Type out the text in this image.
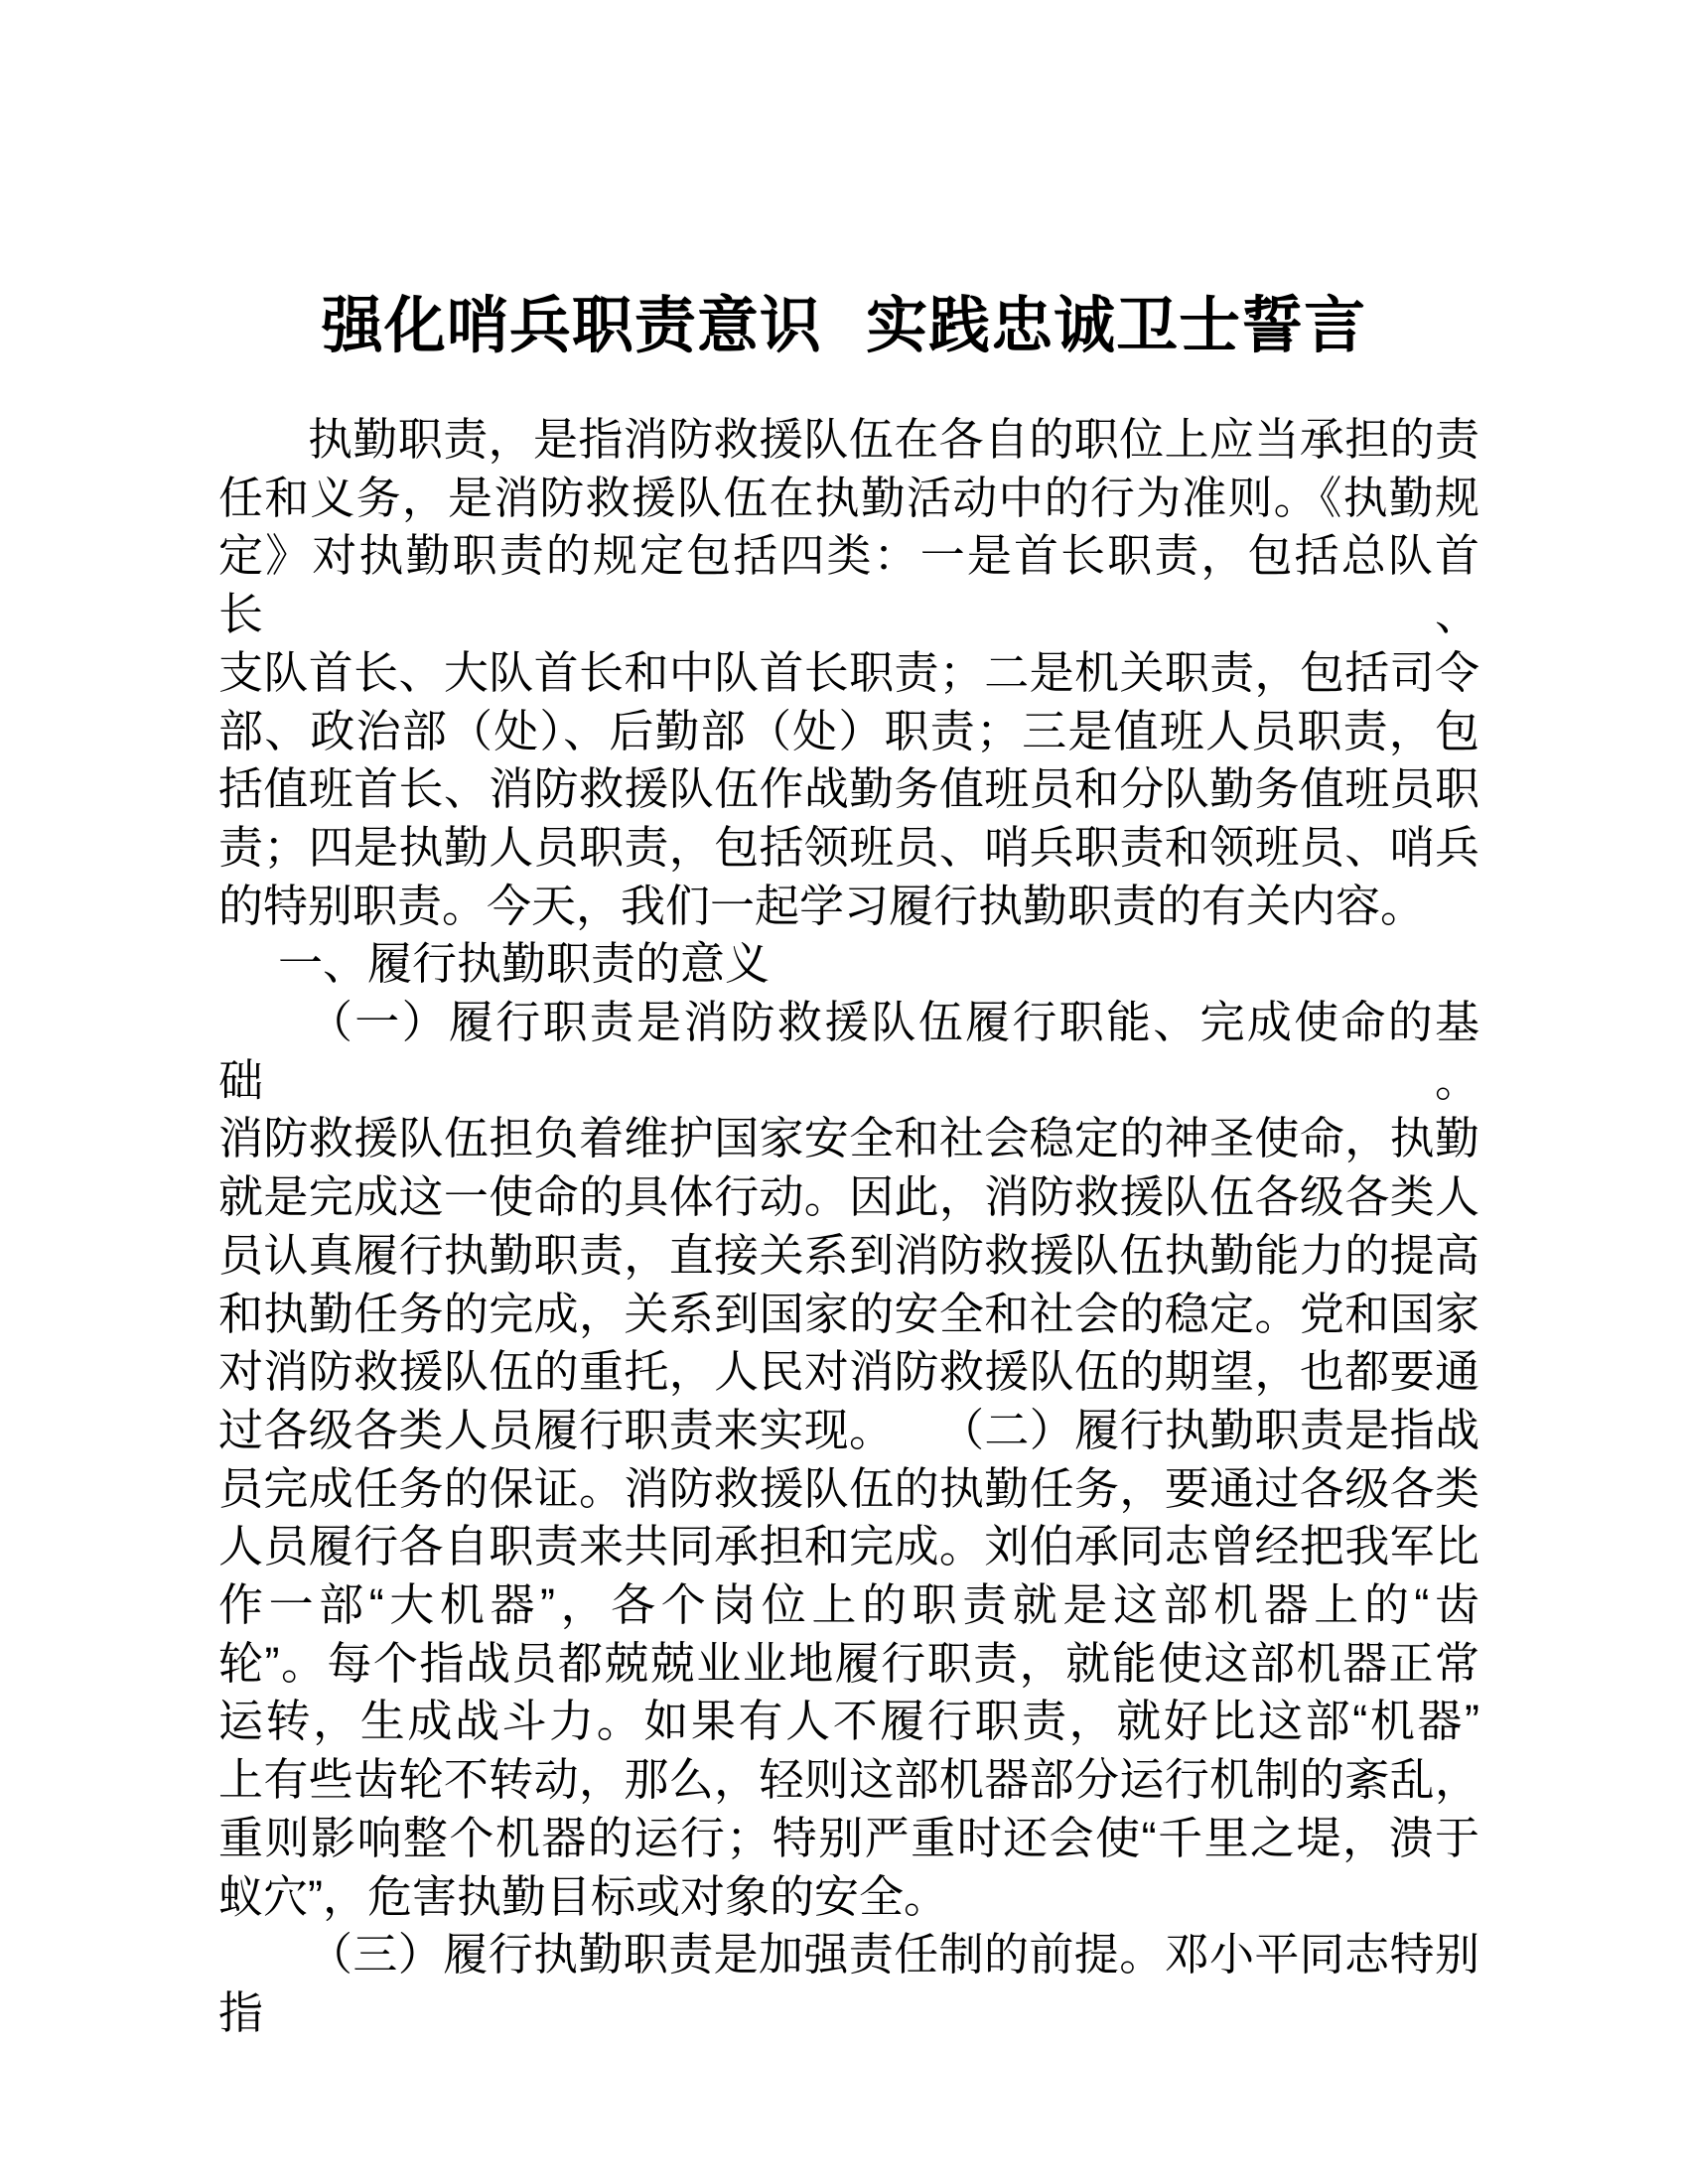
强化哨兵职责意识 实践忠诚卫士誓言
执勤职责，是指消防救援队伍在各自的职位上应当承担的责
任和义务，是消防救援队伍在执勤活动中的行为准则。《执勤规
定》对执勤职责的规定包括四类：一是首长职责，包括总队首长、
支队首长、大队首长和中队首长职责；二是机关职责，包括司令
部、政治部（处）、后勤部（处）职责；三是值班人员职责，包
括值班首长、消防救援队伍作战勤务值班员和分队勤务值班员职
责；四是执勤人员职责，包括领班员、哨兵职责和领班员、哨兵
的特别职责。今天，我们一起学习履行执勤职责的有关内容。
一、履行执勤职责的意义
（一）履行职责是消防救援队伍履行职能、完成使命的基础。
消防救援队伍担负着维护国家安全和社会稳定的神圣使命，执勤
就是完成这一使命的具体行动。因此，消防救援队伍各级各类人
员认真履行执勤职责，直接关系到消防救援队伍执勤能力的提高
和执勤任务的完成，关系到国家的安全和社会的稳定。党和国家
对消防救援队伍的重托，人民对消防救援队伍的期望，也都要通
过各级各类人员履行职责来实现。　　（二）履行执勤职责是指战
员完成任务的保证。消防救援队伍的执勤任务，要通过各级各类
人员履行各自职责来共同承担和完成。刘伯承同志曾经把我军比
作一部“大机器”，各个岗位上的职责就是这部机器上的“齿
轮”。每个指战员都兢兢业业地履行职责，就能使这部机器正常
运转，生成战斗力。如果有人不履行职责，就好比这部“机器”
上有些齿轮不转动，那么，轻则这部机器部分运行机制的紊乱，
重则影响整个机器的运行；特别严重时还会使“千里之堤，溃于
蚁穴”，危害执勤目标或对象的安全。
（三）履行执勤职责是加强责任制的前提。邓小平同志特别指
